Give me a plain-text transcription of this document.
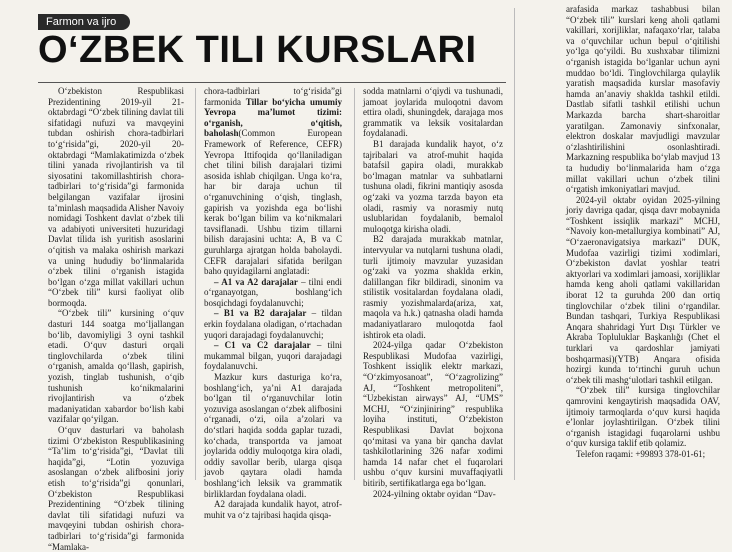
Farmon va ijro
O‘ZBEK TILI KURSLARI

O‘zbekiston Respublikasi Prezidentining 2019-yil 21-oktabrdagi “O‘zbek tilining davlat tili sifatidagi nufuzi va mavqeyini tubdan oshirish chora-tadbirlari to‘g‘risida”gi, 2020-yil 20-oktabrdagi “Mamlakatimizda o‘zbek tilini yanada rivojlantirish va til siyosatini takomillashtirish chora-tadbirlari to‘g‘risida”gi farmonida belgilangan vazifalar ijrosini ta’minlash maqsadida Alisher Navoiy nomidagi Toshkent davlat o‘zbek tili va adabiyoti universiteti huzuridagi Davlat tilida ish yuritish asoslarini o‘qitish va malaka oshirish markazi va uning hududiy bo‘linmalarida o‘zbek tilini o‘rganish istagida bo‘lgan o‘zga millat vakillari uchun “O‘zbek tili” kursi faoliyat olib bormoqda.

“O‘zbek tili” kursining o‘quv dasturi 144 soatga mo‘ljallangan bo‘lib, davomiyligi 3 oyni tashkil etadi. O‘quv dasturi orqali tinglovchilarda o‘zbek tilini o‘rganish, amalda qo‘llash, gapirish, yozish, tinglab tushunish, o‘qib tushunish ko‘nikmalarini rivojlantirish va o‘zbek madaniyatidan xabardor bo‘lish kabi vazifalar qo‘yilgan.

O‘quv dasturlari va baholash tizimi O‘zbekiston Respublikasining “Ta’lim to‘g‘risida”gi, “Davlat tili haqida”gi, “Lotin yozuviga asoslangan o‘zbek alifbosini joriy etish to‘g‘risida”gi qonunlari, O‘zbekiston Respublikasi Prezidentining “O‘zbek tilining davlat tili sifatidagi nufuzi va mavqeyini tubdan oshirish chora-tadbirlari to‘g‘risida”gi farmonida “Mamlaka-

chora-tadbirlari to‘g‘risida”gi farmonida Tillar bo‘yicha umumiy Yevropa ma’lumot tizimi: o‘rganish, o‘qitish, baholash(Common European Framework of Reference, CEFR) Yevropa Ittifoqida qo‘llaniladigan chet tilini bilish darajalari tizimi asosida ishlab chiqilgan. Unga ko‘ra, har bir daraja uchun til o‘rganuvchining o‘qish, tinglash, gapirish va yozishda ega bo‘lishi kerak bo‘lgan bilim va ko‘nikmalari tavsiflanadi. Ushbu tizim tillarni bilish darajasini uchta: A, B va C guruhlarga ajratgan holda baholaydi. CEFR darajalari sifatida berilgan baho quyidagilarni anglatadi:

– A1 va A2 darajalar – tilni endi o‘rganayotgan, boshlang‘ich bosqichdagi foydalanuvchi;

– B1 va B2 darajalar – tildan erkin foydalana oladigan, o‘rtachadan yuqori darajadagi foydalanuvchi;

– C1 va C2 darajalar – tilni mukammal bilgan, yuqori darajadagi foydalanuvchi.

Mazkur kurs dasturiga ko‘ra, boshlang‘ich, ya’ni A1 darajada bo‘lgan til o‘rganuvchilar lotin yozuviga asoslangan o‘zbek alifbosini o‘rganadi, o‘zi, oila a’zolari va do‘stlari haqida sodda gaplar tuzadi, ko‘chada, transportda va jamoat joylarida oddiy muloqotga kira oladi, oddiy savollar berib, ularga qisqa javob qaytara oladi hamda boshlang‘ich leksik va grammatik birliklardan foydalana oladi.

A2 darajada kundalik hayot, atrof-muhit va o‘z tajribasi haqida qisqa-

sodda matnlarni o‘qiydi va tushunadi, jamoat joylarida muloqotni davom ettira oladi, shuningdek, darajaga mos grammatik va leksik vositalardan foydalanadi.

B1 darajada kundalik hayot, o‘z tajribalari va atrof-muhit haqida batafsil gapira oladi, murakkab bo‘lmagan matnlar va suhbatlarni tushuna oladi, fikrini mantiqiy asosda og‘zaki va yozma tarzda bayon eta oladi, rasmiy va norasmiy nutq uslublaridan foydalanib, bemalol muloqotga kirisha oladi.

B2 darajada murakkab matnlar, intervyular va nutqlarni tushuna oladi, turli ijtimoiy mavzular yuzasidan og‘zaki va yozma shaklda erkin, dalillangan fikr bildiradi, sinonim va stilistik vositalardan foydalana oladi, rasmiy yozishmalarda(ariza, xat, maqola va h.k.) qatnasha oladi hamda madaniyatlararo muloqotda faol ishtirok eta oladi.

2024-yilga qadar O‘zbekiston Respublikasi Mudofaa vazirligi, Toshkent issiqlik elektr markazi, “O‘zkimyosanoat”, “O‘zagrolizing” AJ, “Toshkent metropoliteni”, “Uzbekistan airways” AJ, “UMS” MCHJ, “O‘zinjiniring” respublika loyiha instituti, O‘zbekiston Respublikasi Davlat bojxona qo‘mitasi va yana bir qancha davlat tashkilotlarining 326 nafar xodimi hamda 14 nafar chet el fuqarolari ushbu o‘quv kursini muvaffaqiyatli bitirib, sertifikatlarga ega bo‘lgan.

2024-yilning oktabr oyidan “Dav-

arafasida markaz tashabbusi bilan “O‘zbek tili” kurslari keng aholi qatlami vakillari, xorijliklar, nafaqaxo‘rlar, talaba va o‘quvchilar uchun bepul o‘qitilishi yo‘lga qo‘yildi. Bu xushxabar tilimizni o‘rganish istagida bo‘lganlar uchun ayni muddao bo‘ldi. Tinglovchilarga qulaylik yaratish maqsadida kurslar masofaviy hamda an’anaviy shaklda tashkil etildi. Dastlab sifatli tashkil etilishi uchun Markazda barcha shart-sharoitlar yaratilgan. Zamonaviy sinfxonalar, elektron doskalar mavjudligi mavzular o‘zlashtirilishini osonlashtiradi. Markazning respublika bo‘ylab mavjud 13 ta hududiy bo‘linmalarida ham o‘zga millat vakillari uchun o‘zbek tilini o‘rgatish imkoniyatlari mavjud.

2024-yil oktabr oyidan 2025-yilning joriy davriga qadar, qisqa davr mobaynida “Toshkent issiqlik markazi” MCHJ, “Navoiy kon-metallurgiya kombinati” AJ, “O‘zaeronavigatsiya markazi” DUK, Mudofaa vazirligi tizimi xodimlari, O‘zbekiston davlat yoshlar teatri aktyorlari va xodimlari jamoasi, xorijliklar hamda keng aholi qatlami vakillaridan iborat 12 ta guruhda 200 dan ortiq tinglovchilar o‘zbek tilini o‘rgandilar. Bundan tashqari, Turkiya Respublikasi Anqara shahridagi Yurt Dışı Türkler ve Akraba Topluluklar Başkanlığı (Chet el turklari va qardoshlar jamiyati boshqarmasi)(YTB) Anqara ofisida hozirgi kunda to‘rtinchi guruh uchun o‘zbek tili mashg‘ulotlari tashkil etilgan.

“O‘zbek tili” kursiga tinglovchilar qamrovini kengaytirish maqsadida OAV, ijtimoiy tarmoqlarda o‘quv kursi haqida e’lonlar joylashtirilgan. O‘zbek tilini o‘rganish istagidagi fuqarolarni ushbu o‘quv kursiga taklif etib qolamiz.

Telefon raqami: +99893 378-01-61;
